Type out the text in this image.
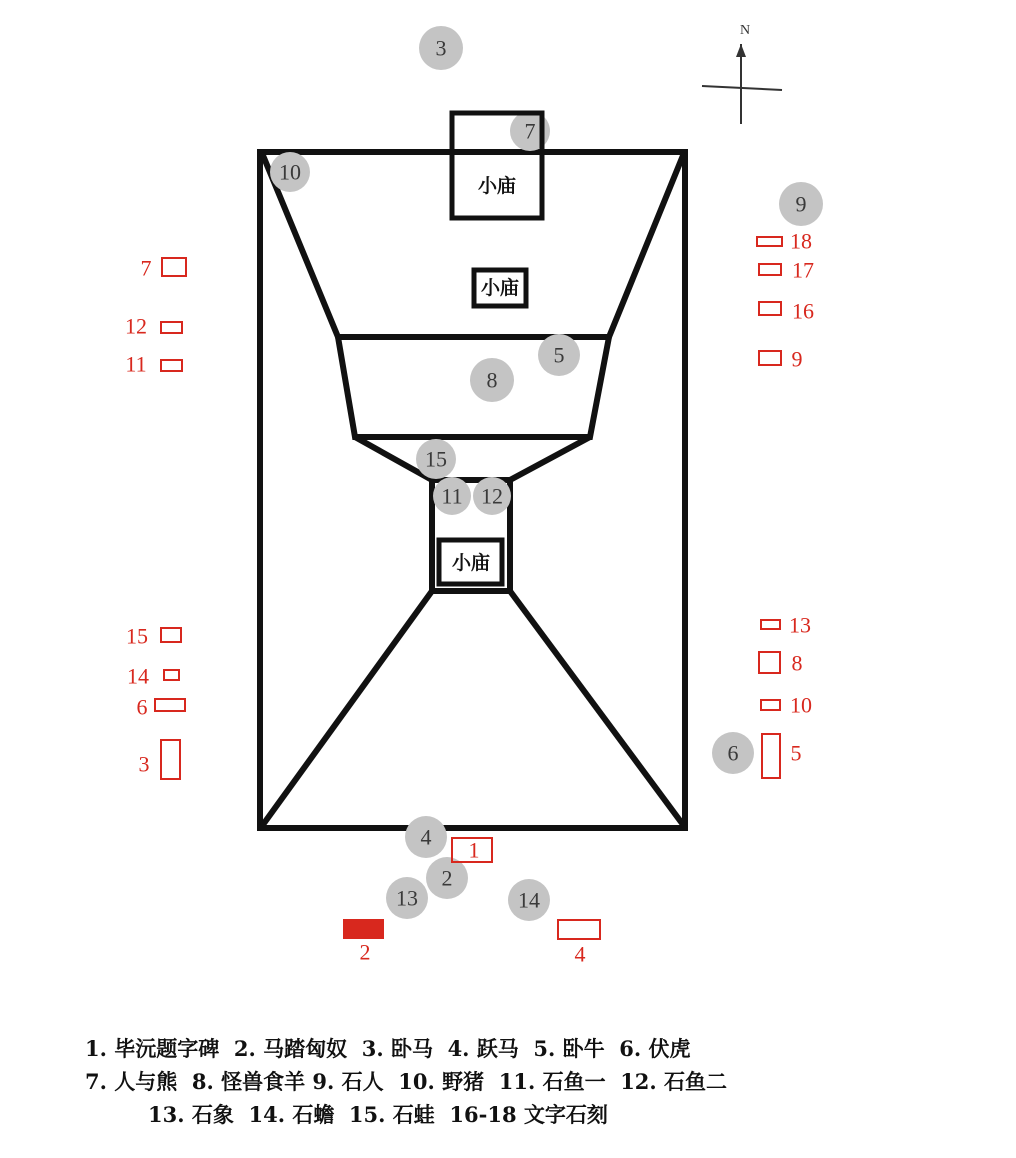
N
3
7
10
9
5
8
15
11 12
6
4
2
13	14
小庙
小庙
小庙
7
12
11
18
17
16
9
15
14
6
3
13
8
10
5
1
2	4
1. 毕沅题字碑  2. 马踏匈奴  3. 卧马  4. 跃马  5. 卧牛  6. 伏虎
7. 人与熊  8. 怪兽食羊 9. 石人  10. 野猪  11. 石鱼一  12. 石鱼二
13. 石象  14. 石蟾  15. 石蛙  16-18 文字石刻
